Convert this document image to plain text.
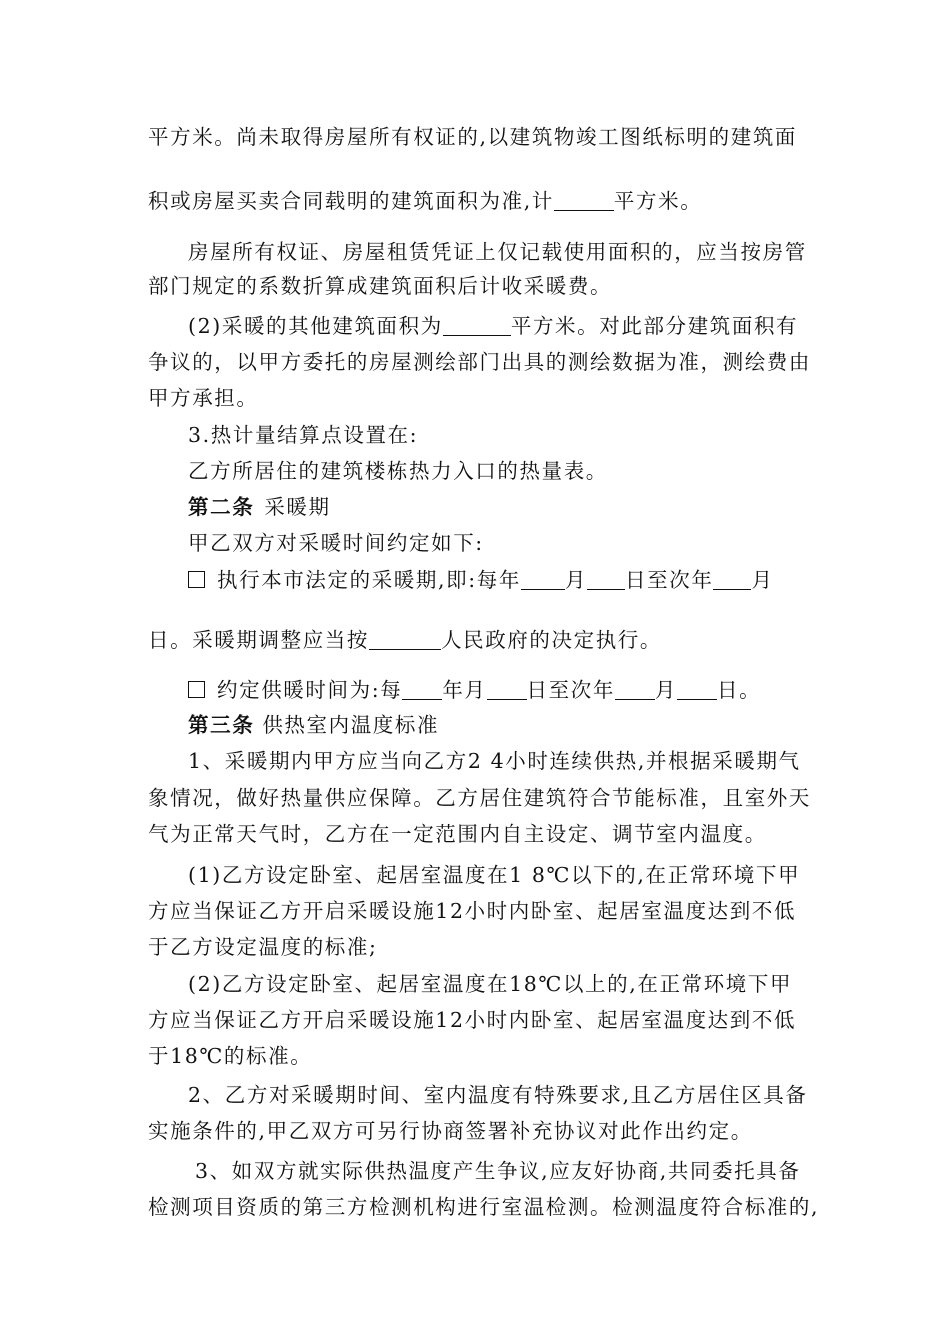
平方米。尚未取得房屋所有权证的,以建筑物竣工图纸标明的建筑面
积或房屋买卖合同载明的建筑面积为准,计	平方米。
房屋所有权证、房屋租赁凭证上仅记载使用面积的，应当按房管
部门规定的系数折算成建筑面积后计收采暖费。
(2)采暖的其他建筑面积为	平方米。对此部分建筑面积有
争议的，以甲方委托的房屋测绘部门出具的测绘数据为准，测绘费由
甲方承担。
3.热计量结算点设置在:
乙方所居住的建筑楼栋热力入口的热量表。
第二条 采暖期
甲乙双方对采暖时间约定如下:
执行本市法定的采暖期,即:每年 月 日至次年 月
日。采暖期调整应当按	人民政府的决定执行。
约定供暖时间为:每 年月 日至次年 月 日。
第三条 供热室内温度标准
1、采暖期内甲方应当向乙方2 4小时连续供热,并根据采暖期气
象情况，做好热量供应保障。乙方居住建筑符合节能标准，且室外天
气为正常天气时，乙方在一定范围内自主设定、调节室内温度。
(1)乙方设定卧室、起居室温度在1 8℃以下的,在正常环境下甲
方应当保证乙方开启采暖设施12小时内卧室、起居室温度达到不低
于乙方设定温度的标准;
(2)乙方设定卧室、起居室温度在18℃以上的,在正常环境下甲
方应当保证乙方开启采暖设施12小时内卧室、起居室温度达到不低
于18℃的标准。
2、乙方对采暖期时间、室内温度有特殊要求,且乙方居住区具备
实施条件的,甲乙双方可另行协商签署补充协议对此作出约定。
3、如双方就实际供热温度产生争议,应友好协商,共同委托具备
检测项目资质的第三方检测机构进行室温检测。检测温度符合标准的,
